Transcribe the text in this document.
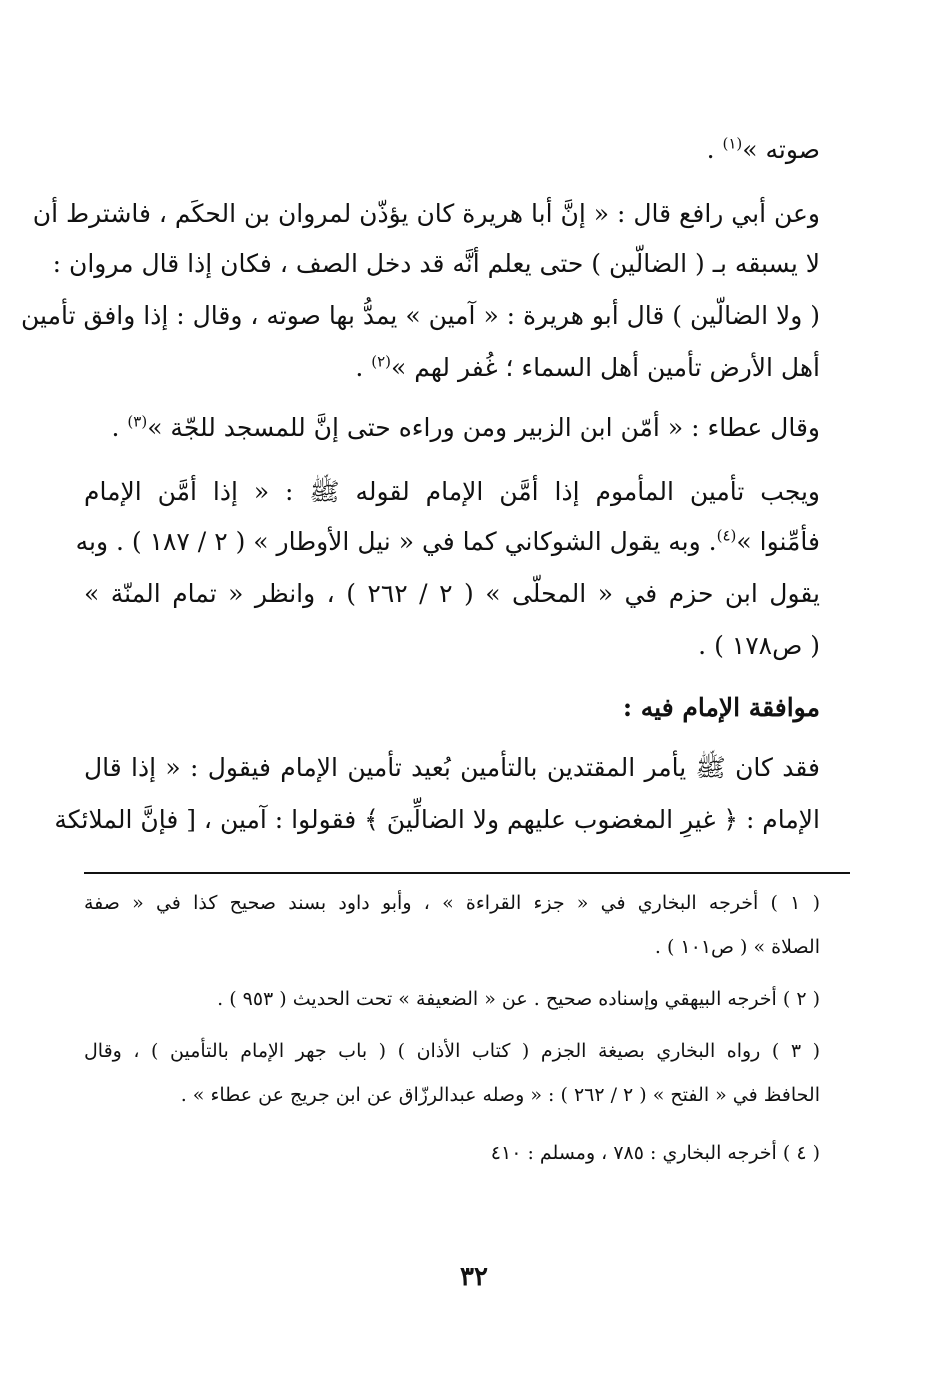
صوته »$^{(١)}$ .
وعن أبي رافع قال : « إنَّ أبا هريرة كان يؤذّن لمروان بن الحكَم ، فاشترط أن
لا يسبقه بـ ( الضالّين ) حتى يعلم أنَّه قد دخل الصف ، فكان إذا قال مروان :
( ولا الضالّين ) قال أبو هريرة : « آمين » يمدُّ بها صوته ، وقال : إذا وافق تأمين
أهل الأرض تأمين أهل السماء ؛ غُفر لهم »$^{(٢)}$ .
وقال عطاء : « أمّن ابن الزبير ومن وراءه حتى إنَّ للمسجد للجّة »$^{(٣)}$ .
ويجب تأمين المأموم إذا أمَّن الإمام لقوله ﷺ : « إذا أمَّن الإمام
فأمِّنوا »$^{(٤)}$. وبه يقول الشوكاني كما في « نيل الأوطار » ( ٢ / ١٨٧ ) . وبه
يقول ابن حزم في « المحلّى » ( ٢ / ٢٦٢ ) ، وانظر « تمام المنّة »
( ص١٧٨ ) .
موافقة الإمام فيه :
فقد كان ﷺ يأمر المقتدين بالتأمين بُعيد تأمين الإمام فيقول : « إذا قال
الإمام : ﴿ غيرِ المغضوب عليهم ولا الضالِّينَ ﴾ فقولوا : آمين ، [ فإنَّ الملائكة
( ١ ) أخرجه البخاري في « جزء القراءة » ، وأبو داود بسند صحيح كذا في « صفة
الصلاة » ( ص١٠١ ) .
( ٢ ) أخرجه البيهقي وإسناده صحيح . عن « الضعيفة » تحت الحديث ( ٩٥٣ ) .
( ٣ ) رواه البخاري بصيغة الجزم ( كتاب الأذان ) ( باب جهر الإمام بالتأمين ) ، وقال
الحافظ في « الفتح » ( ٢ / ٢٦٢ ) : « وصله عبدالرزّاق عن ابن جريج عن عطاء » .
( ٤ ) أخرجه البخاري : ٧٨٥ ، ومسلم : ٤١٠
٣٢
